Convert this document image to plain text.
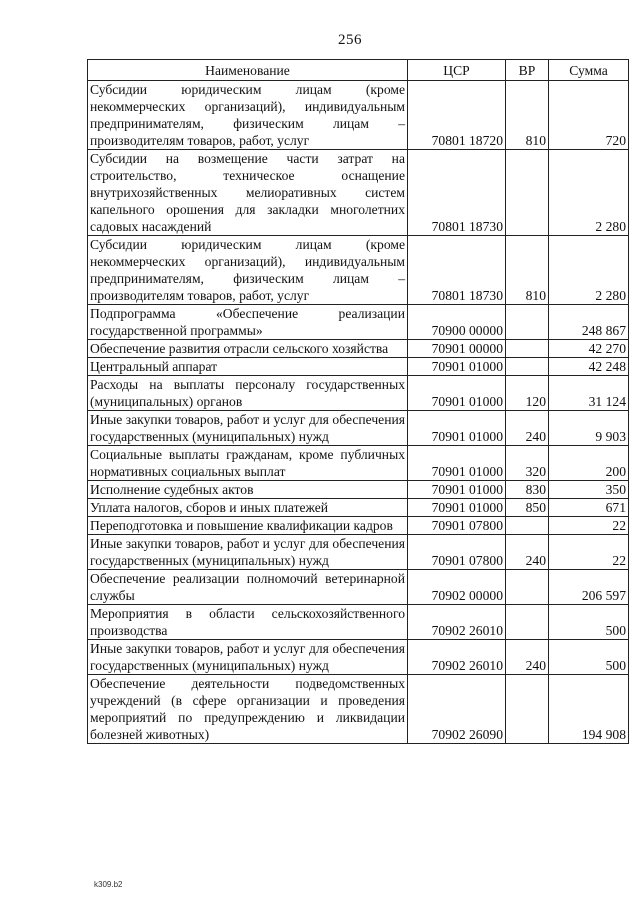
256
Наименование	ЦСР	ВР	Сумма
Субсидии юридическим лицам (кроме некоммерческих организаций), индивидуальным предпринимателям, физическим лицам – производителям товаров, работ, услуг	70801 18720	810	720
Субсидии на возмещение части затрат на строительство, техническое оснащение внутрихозяйственных мелиоративных систем капельного орошения для закладки многолетних садовых насаждений	70801 18730		2 280
Субсидии юридическим лицам (кроме некоммерческих организаций), индивидуальным предпринимателям, физическим лицам – производителям товаров, работ, услуг	70801 18730	810	2 280
Подпрограмма «Обеспечение реализации государственной программы»	70900 00000		248 867
Обеспечение развития отрасли сельского хозяйства	70901 00000		42 270
Центральный аппарат	70901 01000		42 248
Расходы на выплаты персоналу государственных (муниципальных) органов	70901 01000	120	31 124
Иные закупки товаров, работ и услуг для обеспечения государственных (муниципальных) нужд	70901 01000	240	9 903
Социальные выплаты гражданам, кроме публичных нормативных социальных выплат	70901 01000	320	200
Исполнение судебных актов	70901 01000	830	350
Уплата налогов, сборов и иных платежей	70901 01000	850	671
Переподготовка и повышение квалификации кадров	70901 07800		22
Иные закупки товаров, работ и услуг для обеспечения государственных (муниципальных) нужд	70901 07800	240	22
Обеспечение реализации полномочий ветеринарной службы	70902 00000		206 597
Мероприятия в области сельскохозяйственного производства	70902 26010		500
Иные закупки товаров, работ и услуг для обеспечения государственных (муниципальных) нужд	70902 26010	240	500
Обеспечение деятельности подведомственных учреждений (в сфере организации и проведения мероприятий по предупреждению и ликвидации болезней животных)	70902 26090		194 908
k309.b2
